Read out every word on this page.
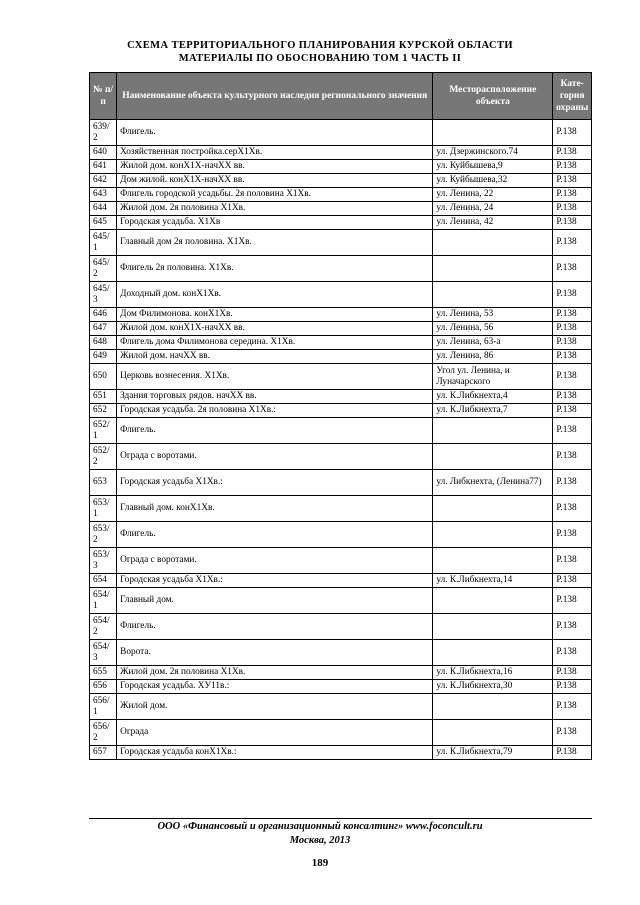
СХЕМА ТЕРРИТОРИАЛЬНОГО ПЛАНИРОВАНИЯ КУРСКОЙ ОБЛАСТИ
МАТЕРИАЛЫ ПО ОБОСНОВАНИЮ ТОМ 1 ЧАСТЬ II
№ п/п	Наименование объекта культурного наследия регионального значения	Месторасположение объекта	Кате-гория охраны
639/ 2	Флигель.		Р.138
640	Хозяйственная постройка.серХ1Хв.	ул. Дзержинского.74	Р.138
641	Жилой дом. конХ1Х-начХХ вв.	ул. Куйбышева,9	Р.138
642	Дом жилой. конХ1Х-начХХ вв.	ул. Куйбышева,32	Р.138
643	Флигель городской усадьбы. 2я половина Х1Хв.	ул. Ленина, 22	Р.138
644	Жилой дом. 2я половина Х1Хв.	ул. Ленина, 24	Р.138
645	Городская усадьба. Х1Хв	ул. Ленина, 42	Р.138
645/ 1	Главный дом 2я половина. Х1Хв.		Р.138
645/ 2	Флигель 2я половина. Х1Хв.		Р.138
645/ 3	Доходный дом. конХ1Хв.		Р.138
646	Дом Филимонова. конХ1Хв.	ул. Ленина, 53	Р.138
647	Жилой дом. конХ1Х-начХХ вв.	ул. Ленина, 56	Р.138
648	Флигель дома Филимонова середина. Х1Хв.	ул. Ленина, 63-а	Р.138
649	Жилой дом. начХХ вв.	ул. Ленина, 86	Р.138
650	Церковь вознесения. Х1Хв.	Угол ул. Ленина, и Луначарского	Р.138
651	Здания торговых рядов. начХХ вв.	ул. К.Либкнехта,4	Р.138
652	Городская усадьба. 2я половина Х1Хв.:	ул. К.Либкнехта,7	Р.138
652/ 1	Флигель.		Р.138
652/ 2	Ограда с воротами.		Р.138
653	Городская усадьба Х1Хв.:	ул. Либкнехта, (Ленина77)	Р.138
653/ 1	Главный дом. конХ1Хв.		Р.138
653/ 2	Флигель.		Р.138
653/ 3	Ограда с воротами.		Р.138
654	Городская усадьба Х1Хв.:	ул. К.Либкнехта,14	Р.138
654/ 1	Главный дом.		Р.138
654/ 2	Флигель.		Р.138
654/ 3	Ворота.		Р.138
655	Жилой дом. 2я половина Х1Хв.	ул. К.Либкнехта,16	Р.138
656	Городская усадьба. ХУ11в.:	ул. К.Либкнехта,30	Р.138
656/ 1	Жилой дом.		Р.138
656/ 2	Ограда		Р.138
657	Городская усадьба конХ1Хв.:	ул. К.Либкнехта,79	Р.138
ООО «Финансовый и организационный консалтинг» www.foconcult.ru
Москва, 2013
189
